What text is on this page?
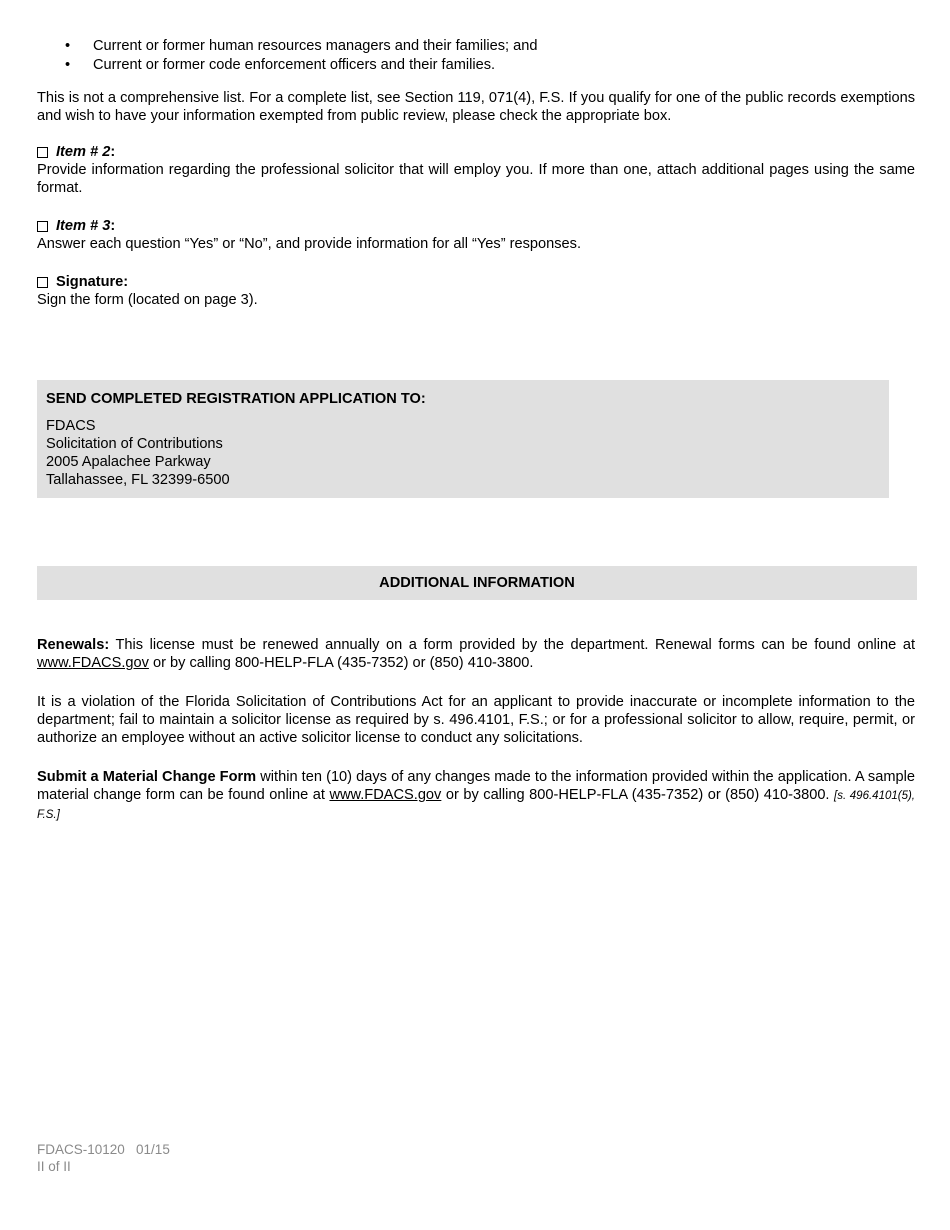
• Current or former human resources managers and their families; and
• Current or former code enforcement officers and their families.

This is not a comprehensive list. For a complete list, see Section 119, 071(4), F.S. If you qualify for one of the public records exemptions and wish to have your information exempted from public review, please check the appropriate box.

Item # 2 :

Provide information regarding the professional solicitor that will employ you. If more than one, attach additional pages using the same format.

Item # 3 :

Answer each question “Yes” or “No”, and provide information for all “Yes” responses.

Signature:

Sign the form (located on page 3).

SEND COMPLETED REGISTRATION APPLICATION TO:
FDACS
Solicitation of Contributions
2005 Apalachee Parkway
Tallahassee, FL 32399-6500
ADDITIONAL INFORMATION

Renewals: This license must be renewed annually on a form provided by the department. Renewal forms can be found online at www.FDACS.gov or by calling 800-HELP-FLA (435-7352) or (850) 410-3800.

It is a violation of the Florida Solicitation of Contributions Act for an applicant to provide inaccurate or incomplete information to the department; fail to maintain a solicitor license as required by s. 496.4101, F.S.; or for a professional solicitor to allow, require, permit, or authorize an employee without an active solicitor license to conduct any solicitations.

Submit a Material Change Form within ten (10) days of any changes made to the information provided within the application. A sample material change form can be found online at www.FDACS.gov or by calling 800-HELP-FLA (435-7352) or (850) 410-3800. [s. 496.4101(5), F.S.]

FDACS-10120   01/15
II of II
